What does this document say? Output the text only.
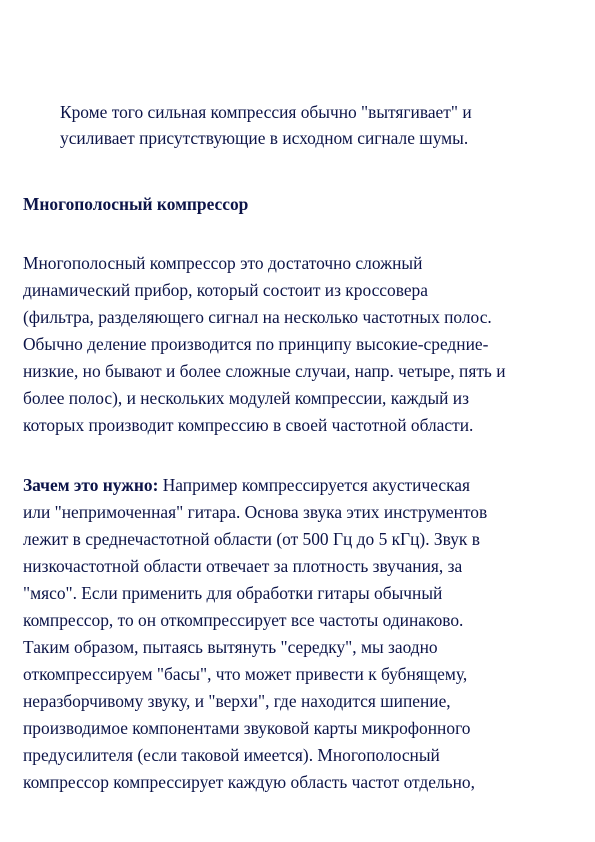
Кроме того сильная компрессия обычно "вытягивает" и
усиливает присутствующие в исходном сигнале шумы.
Многополосный компрессор
Многополосный компрессор это достаточно сложный
динамический прибор, который состоит из кроссовера
(фильтра, разделяющего сигнал на несколько частотных полос.
Обычно деление производится по принципу высокие-средние-
низкие, но бывают и более сложные случаи, напр. четыре, пять и
более полос), и нескольких модулей компрессии, каждый из
которых производит компрессию в своей частотной области.
Зачем это нужно: Например компрессируется акустическая
или "непримоченная" гитара. Основа звука этих инструментов
лежит в среднечастотной области (от 500 Гц до 5 кГц). Звук в
низкочастотной области отвечает за плотность звучания, за
"мясо". Если применить для обработки гитары обычный
компрессор, то он откомпрессирует все частоты одинаково.
Таким образом, пытаясь вытянуть "середку", мы заодно
откомпрессируем "басы", что может привести к бубнящему,
неразборчивому звуку, и "верхи", где находится шипение,
производимое компонентами звуковой карты микрофонного
предусилителя (если таковой имеется). Многополосный
компрессор компрессирует каждую область частот отдельно,
